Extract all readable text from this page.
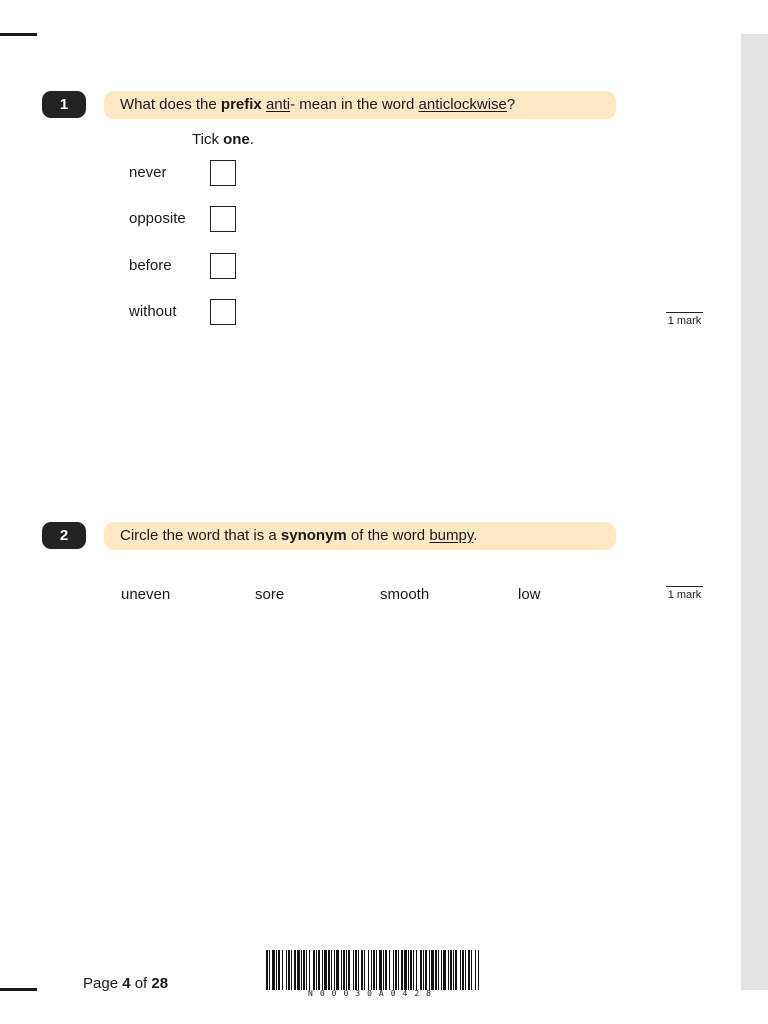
1	What does the prefix anti- mean in the word anticlockwise?
Tick one.
never
opposite
before
without
1 mark
2	Circle the word that is a synonym of the word bumpy.
uneven	sore	smooth	low	1 mark
Page 4 of 28
N00030A0428
